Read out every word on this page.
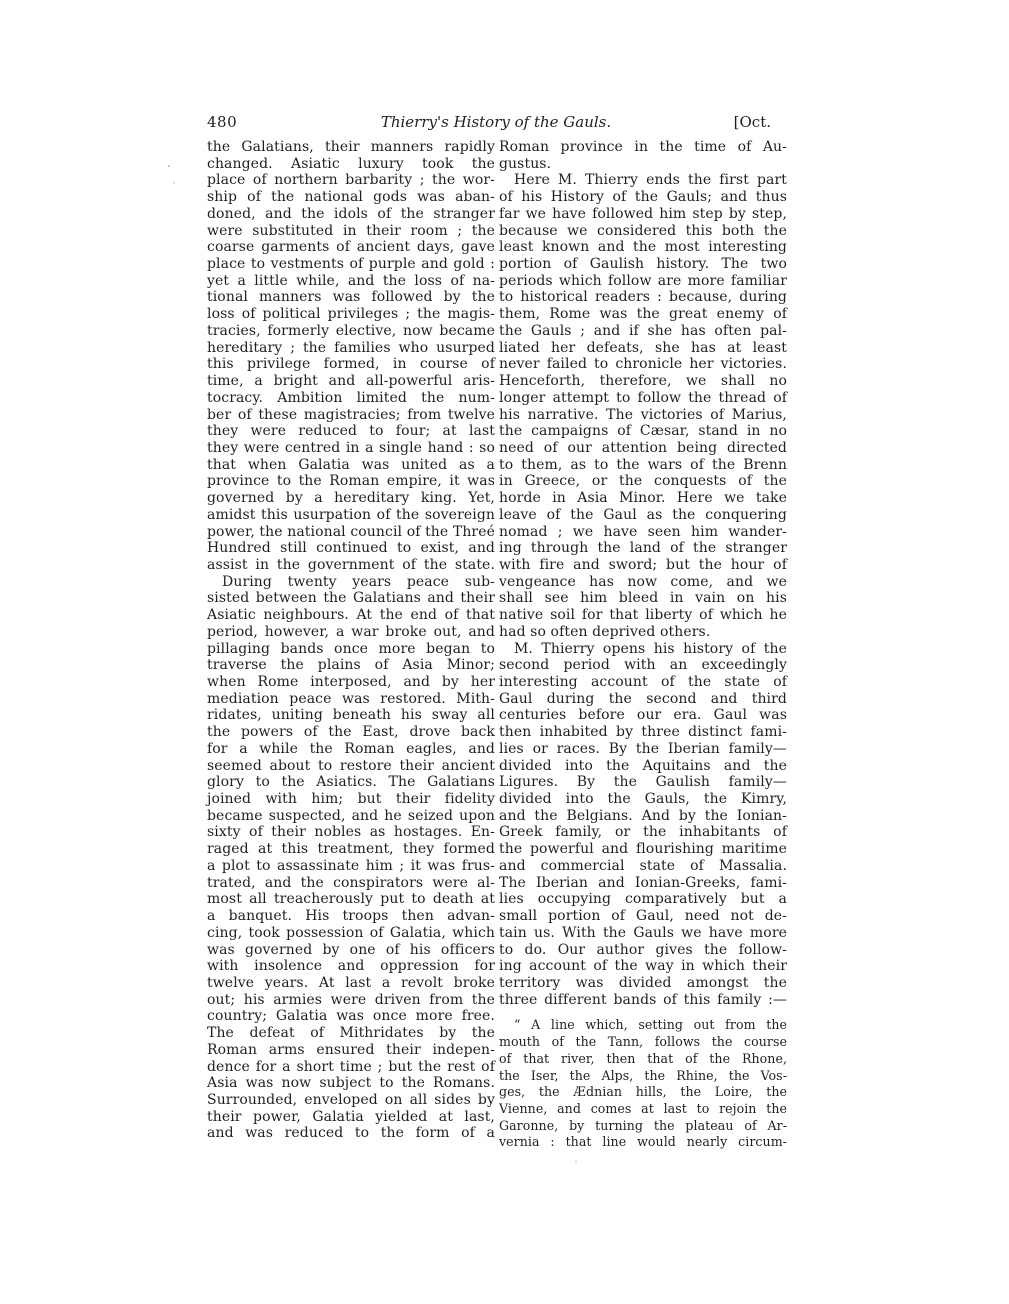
480	Thierry's History of the Gauls.	[Oct.
the Galatians, their manners rapidly
changed. Asiatic luxury took the
place of northern barbarity ; the wor-
ship of the national gods was aban-
doned, and the idols of the stranger
were substituted in their room ; the
coarse garments of ancient days, gave
place to vestments of purple and gold :
yet a little while, and the loss of na-
tional manners was followed by the
loss of political privileges ; the magis-
tracies, formerly elective, now became
hereditary ; the families who usurped
this privilege formed, in course of
time, a bright and all-powerful aris-
tocracy. Ambition limited the num-
ber of these magistracies; from twelve
they were reduced to four; at last
they were centred in a single hand : so
that when Galatia was united as a
province to the Roman empire, it was
governed by a hereditary king. Yet,
amidst this usurpation of the sovereign
power, the national council of the Threé
Hundred still continued to exist, and
assist in the government of the state.
During twenty years peace sub-
sisted between the Galatians and their
Asiatic neighbours. At the end of that
period, however, a war broke out, and
pillaging bands once more began to
traverse the plains of Asia Minor;
when Rome interposed, and by her
mediation peace was restored. Mith-
ridates, uniting beneath his sway all
the powers of the East, drove back
for a while the Roman eagles, and
seemed about to restore their ancient
glory to the Asiatics. The Galatians
joined with him; but their fidelity
became suspected, and he seized upon
sixty of their nobles as hostages. En-
raged at this treatment, they formed
a plot to assassinate him ; it was frus-
trated, and the conspirators were al-
most all treacherously put to death at
a banquet. His troops then advan-
cing, took possession of Galatia, which
was governed by one of his officers
with insolence and oppression for
twelve years. At last a revolt broke
out; his armies were driven from the
country; Galatia was once more free.
The defeat of Mithridates by the
Roman arms ensured their indepen-
dence for a short time ; but the rest of
Asia was now subject to the Romans.
Surrounded, enveloped on all sides by
their power, Galatia yielded at last,
and was reduced to the form of a
Roman province in the time of Au-
gustus.
Here M. Thierry ends the first part
of his History of the Gauls; and thus
far we have followed him step by step,
because we considered this both the
least known and the most interesting
portion of Gaulish history. The two
periods which follow are more familiar
to historical readers : because, during
them, Rome was the great enemy of
the Gauls ; and if she has often pal-
liated her defeats, she has at least
never failed to chronicle her victories.
Henceforth, therefore, we shall no
longer attempt to follow the thread of
his narrative. The victories of Marius,
the campaigns of Cæsar, stand in no
need of our attention being directed
to them, as to the wars of the Brenn
in Greece, or the conquests of the
horde in Asia Minor. Here we take
leave of the Gaul as the conquering
nomad ; we have seen him wander-
ing through the land of the stranger
with fire and sword; but the hour of
vengeance has now come, and we
shall see him bleed in vain on his
native soil for that liberty of which he
had so often deprived others.
M. Thierry opens his history of the
second period with an exceedingly
interesting account of the state of
Gaul during the second and third
centuries before our era. Gaul was
then inhabited by three distinct fami-
lies or races. By the Iberian family—
divided into the Aquitains and the
Ligures. By the Gaulish family—
divided into the Gauls, the Kimry,
and the Belgians. And by the Ionian-
Greek family, or the inhabitants of
the powerful and flourishing maritime
and commercial state of Massalia.
The Iberian and Ionian-Greeks, fami-
lies occupying comparatively but a
small portion of Gaul, need not de-
tain us. With the Gauls we have more
to do. Our author gives the follow-
ing account of the way in which their
territory was divided amongst the
three different bands of this family :—
“ A line which, setting out from the
mouth of the Tann, follows the course
of that river, then that of the Rhone,
the Iser, the Alps, the Rhine, the Vos-
ges, the Ædnian hills, the Loire, the
Vienne, and comes at last to rejoin the
Garonne, by turning the plateau of Ar-
vernia : that line would nearly circum-
